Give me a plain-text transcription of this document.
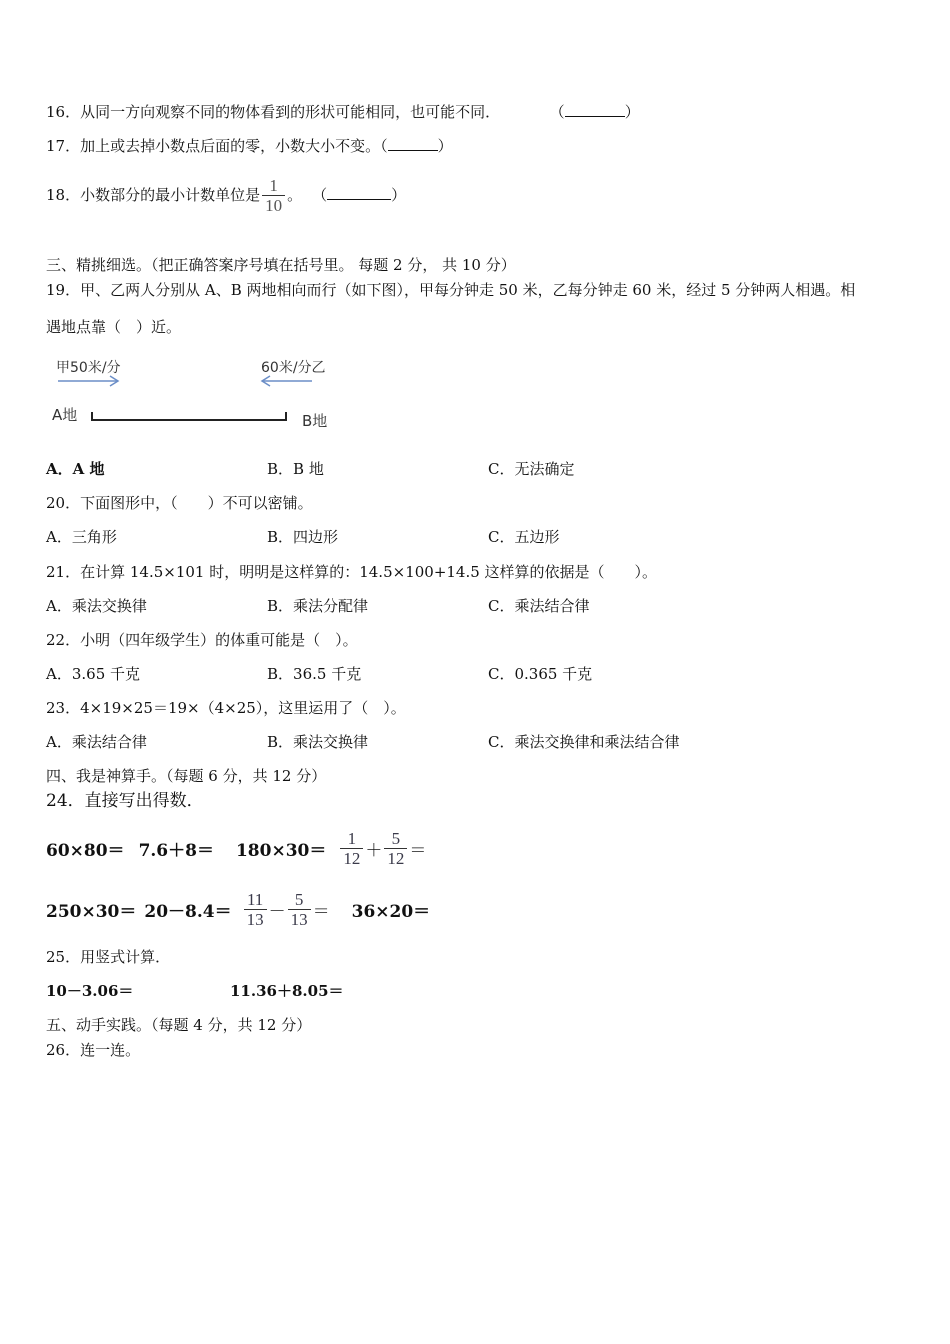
16．从同一方向观察不同的物体看到的形状可能相同，也可能不同．	（	）
17．加上或去掉小数点后面的零，小数大小不变。（	）
18． 小数部分的最小计数单位是 $\frac{1}{10}$ 。 （	）
三、精挑细选。（把正确答案序号填在括号里。 每题 2 分， 共 10 分）
19．甲、乙两人分别从 A、B 两地相向而行（如下图），甲每分钟走 50 米，乙每分钟走 60 米，经过 5 分钟两人相遇。相
遇地点靠（　）近。
甲50米/分	60米/分乙
A地	B地
A．A 地	B．B 地	C．无法确定
20．下面图形中，（　　）不可以密铺。
A．三角形	B．四边形	C．五边形
21．在计算 14.5×101 时，明明是这样算的：14.5×100+14.5 这样算的依据是（　　）。
A．乘法交换律	B．乘法分配律	C．乘法结合律
22．小明（四年级学生）的体重可能是（　）。
A．3.65 千克	B．36.5 千克	C．0.365 千克
23．4×19×25＝19×（4×25），这里运用了（　）。
A．乘法结合律	B．乘法交换律	C．乘法交换律和乘法结合律
四、我是神算手。（每题 6 分，共 12 分）
24．直接写出得数．
$60\times 80= 7.6+8= 180\times 30= \frac{1}{12} + \frac{5}{12}$ ＝
$250\times 30= 20-8.4= \frac{11}{13} - \frac{5}{13} = 36\times 20=$
25．用竖式计算．
10－3.06＝	11.36＋8.05＝
五、动手实践。（每题 4 分，共 12 分）
26．连一连。
